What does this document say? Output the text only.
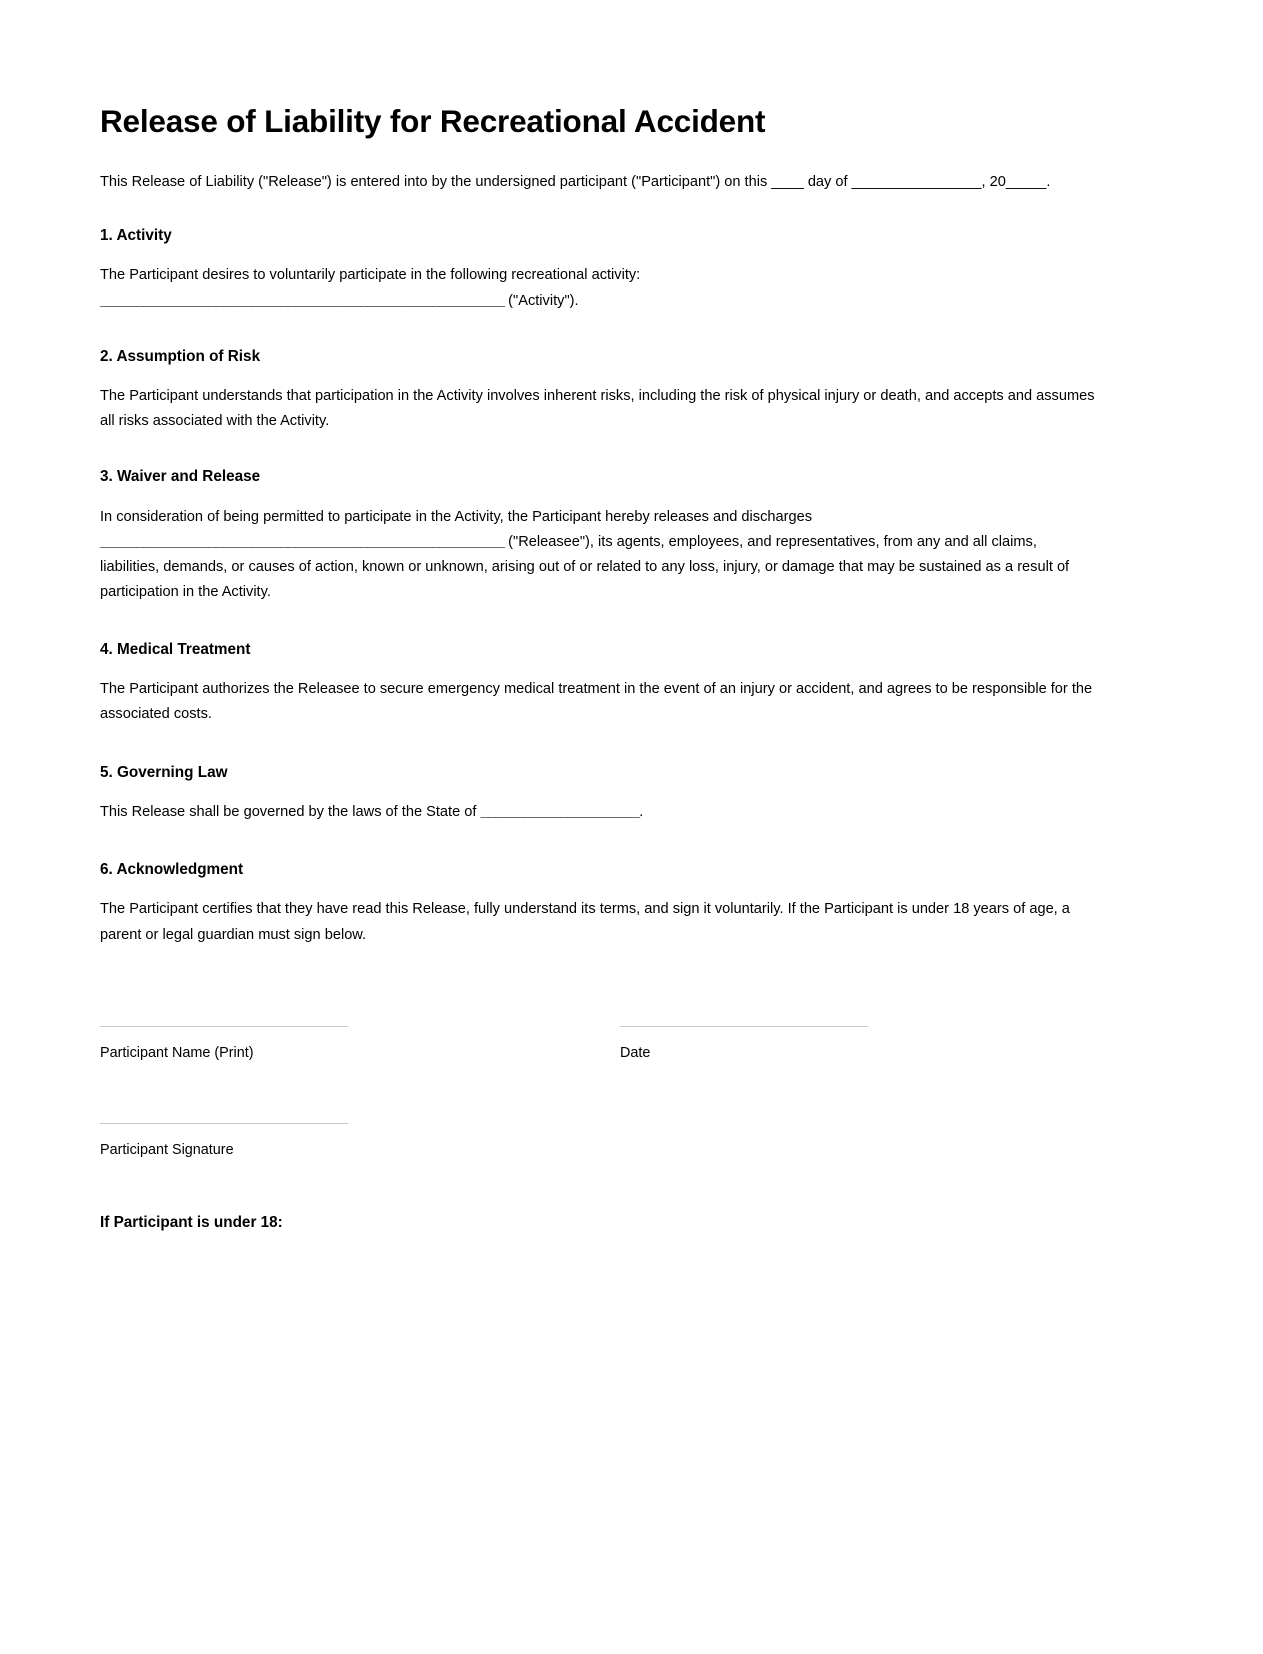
Release of Liability for Recreational Accident
This Release of Liability ("Release") is entered into by the undersigned participant ("Participant") on this ____ day of ________________, 20_____.
1. Activity
The Participant desires to voluntarily participate in the following recreational activity:
________________________________________________________ ("Activity").
2. Assumption of Risk
The Participant understands that participation in the Activity involves inherent risks, including the risk of physical injury or death, and accepts and assumes all risks associated with the Activity.
3. Waiver and Release
In consideration of being permitted to participate in the Activity, the Participant hereby releases and discharges
________________________________________________________ ("Releasee"), its agents, employees, and representatives, from any and all claims, liabilities, demands, or causes of action, known or unknown, arising out of or related to any loss, injury, or damage that may be sustained as a result of participation in the Activity.
4. Medical Treatment
The Participant authorizes the Releasee to secure emergency medical treatment in the event of an injury or accident, and agrees to be responsible for the associated costs.
5. Governing Law
This Release shall be governed by the laws of the State of ______________________.
6. Acknowledgment
The Participant certifies that they have read this Release, fully understand its terms, and sign it voluntarily. If the Participant is under 18 years of age, a parent or legal guardian must sign below.
Participant Name (Print)	Date
Participant Signature
If Participant is under 18:
